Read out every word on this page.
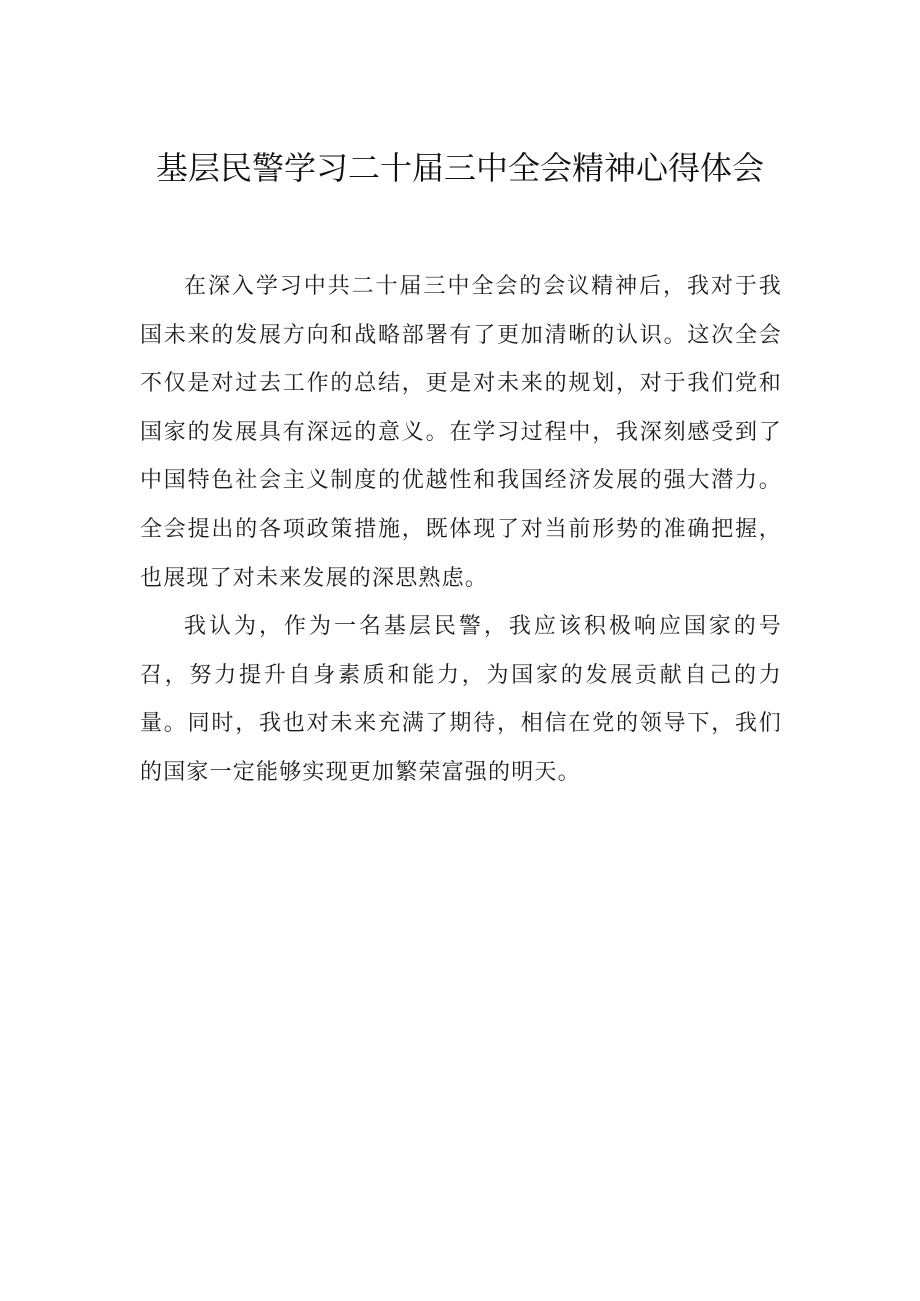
基层民警学习二十届三中全会精神心得体会

在深入学习中共二十届三中全会的会议精神后，我对于我国未来的发展方向和战略部署有了更加清晰的认识。这次全会不仅是对过去工作的总结，更是对未来的规划，对于我们党和国家的发展具有深远的意义。在学习过程中，我深刻感受到了中国特色社会主义制度的优越性和我国经济发展的强大潜力。全会提出的各项政策措施，既体现了对当前形势的准确把握，也展现了对未来发展的深思熟虑。

我认为，作为一名基层民警，我应该积极响应国家的号召，努力提升自身素质和能力，为国家的发展贡献自己的力量。同时，我也对未来充满了期待，相信在党的领导下，我们的国家一定能够实现更加繁荣富强的明天。
